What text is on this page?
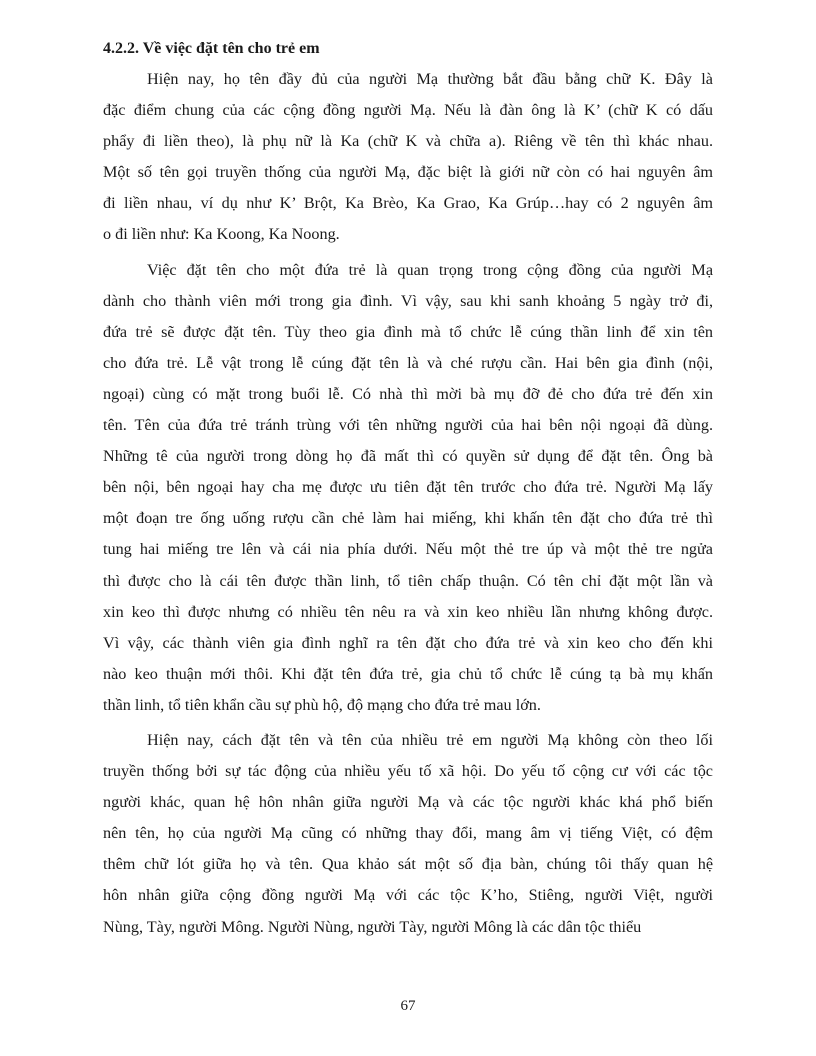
4.2.2. Về việc đặt tên cho trẻ em
Hiện nay, họ tên đầy đủ của người Mạ thường bắt đầu bằng chữ K. Đây là
đặc điểm chung của các cộng đồng người Mạ. Nếu là đàn ông là K’ (chữ K có dấu
phẩy đi liền theo), là phụ nữ là Ka (chữ K và chữa a). Riêng về tên thì khác nhau.
Một số tên gọi truyền thống của người Mạ, đặc biệt là giới nữ còn có hai nguyên âm
đi liền nhau, ví dụ như K’ Brột, Ka Brèo, Ka Grao, Ka Grúp…hay có 2 nguyên âm
o đi liền như: Ka Koong, Ka Noong.
Việc đặt tên cho một đứa trẻ là quan trọng trong cộng đồng của người Mạ
dành cho thành viên mới trong gia đình. Vì vậy, sau khi sanh khoảng 5 ngày trở đi,
đứa trẻ sẽ được đặt tên. Tùy theo gia đình mà tổ chức lễ cúng thần linh để xin tên
cho đứa trẻ. Lễ vật trong lễ cúng đặt tên là và ché rượu cần. Hai bên gia đình (nội,
ngoại) cùng có mặt trong buổi lễ. Có nhà thì mời bà mụ đỡ đẻ cho đứa trẻ đến xin
tên. Tên của đứa trẻ tránh trùng với tên những người của hai bên nội ngoại đã dùng.
Những tê của người trong dòng họ đã mất thì có quyền sử dụng để đặt tên. Ông bà
bên nội, bên ngoại hay cha mẹ được ưu tiên đặt tên trước cho đứa trẻ. Người Mạ lấy
một đoạn tre ống uống rượu cần chẻ làm hai miếng, khi khấn tên đặt cho đứa trẻ thì
tung hai miếng tre lên và cái nia phía dưới. Nếu một thẻ tre úp và một thẻ tre ngửa
thì được cho là cái tên được thần linh, tổ tiên chấp thuận. Có tên chỉ đặt một lần và
xin keo thì được nhưng có nhiều tên nêu ra và xin keo nhiều lần nhưng không được.
Vì vậy, các thành viên gia đình nghĩ ra tên đặt cho đứa trẻ và xin keo cho đến khi
nào keo thuận mới thôi. Khi đặt tên đứa trẻ, gia chủ tổ chức lễ cúng tạ bà mụ khấn
thần linh, tổ tiên khẩn cầu sự phù hộ, độ mạng cho đứa trẻ mau lớn.
Hiện nay, cách đặt tên và tên của nhiều trẻ em người Mạ không còn theo lối
truyền thống bởi sự tác động của nhiều yếu tố xã hội. Do yếu tố cộng cư với các tộc
người khác, quan hệ hôn nhân giữa người Mạ và các tộc người khác khá phổ biến
nên tên, họ của người Mạ cũng có những thay đổi, mang âm vị tiếng Việt, có đệm
thêm chữ lót giữa họ và tên. Qua khảo sát một số địa bàn, chúng tôi thấy quan hệ
hôn nhân giữa cộng đồng người Mạ với các tộc K’ho, Stiêng, người Việt, người
Nùng, Tày, người Mông. Người Nùng, người Tày, người Mông là các dân tộc thiểu
67
